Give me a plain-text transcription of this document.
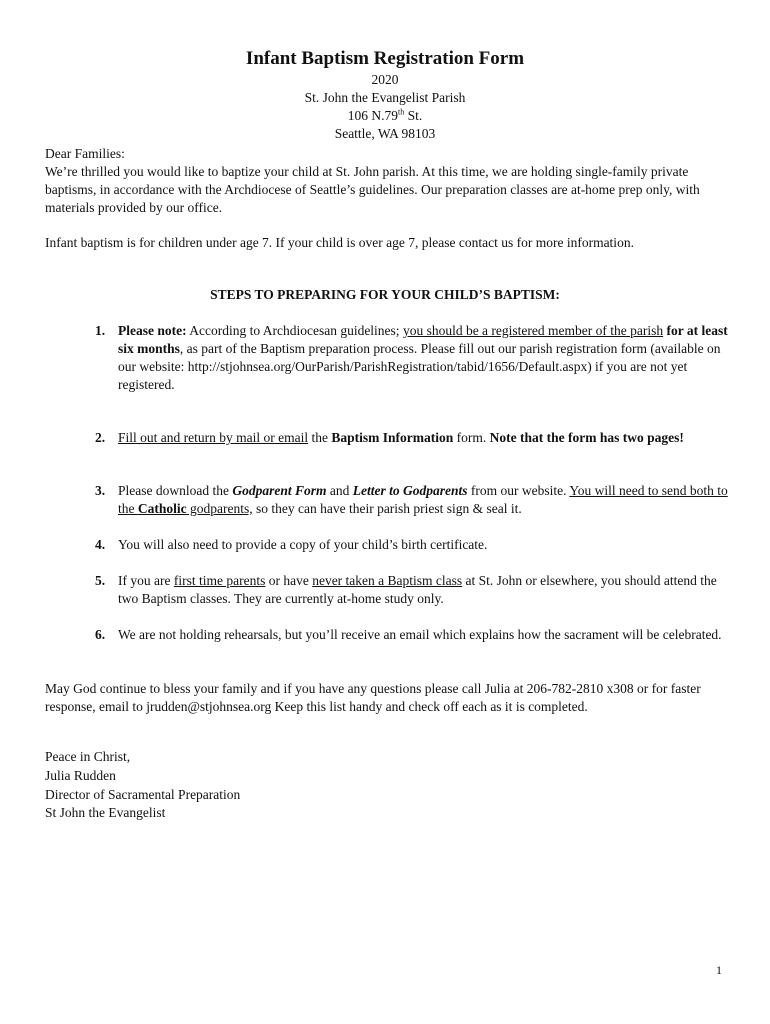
Infant Baptism Registration Form
2020
St. John the Evangelist Parish
106 N.79th St.
Seattle, WA 98103
Dear Families:
We’re thrilled you would like to baptize your child at St. John parish. At this time, we are holding single-family private baptisms, in accordance with the Archdiocese of Seattle’s guidelines. Our preparation classes are at-home prep only, with materials provided by our office.
Infant baptism is for children under age 7. If your child is over age 7, please contact us for more information.
STEPS TO PREPARING FOR YOUR CHILD’S BAPTISM:
1. Please note: According to Archdiocesan guidelines; you should be a registered member of the parish for at least six months, as part of the Baptism preparation process. Please fill out our parish registration form (available on our website: http://stjohnsea.org/OurParish/ParishRegistration/tabid/1656/Default.aspx) if you are not yet registered.
2. Fill out and return by mail or email the Baptism Information form. Note that the form has two pages!
3. Please download the Godparent Form and Letter to Godparents from our website. You will need to send both to the Catholic godparents, so they can have their parish priest sign & seal it.
4. You will also need to provide a copy of your child’s birth certificate.
5. If you are first time parents or have never taken a Baptism class at St. John or elsewhere, you should attend the two Baptism classes. They are currently at-home study only.
6. We are not holding rehearsals, but you’ll receive an email which explains how the sacrament will be celebrated.
May God continue to bless your family and if you have any questions please call Julia at 206-782-2810 x308 or for faster response, email to jrudden@stjohnsea.org Keep this list handy and check off each as it is completed.
Peace in Christ,
Julia Rudden
Director of Sacramental Preparation
St John the Evangelist
1
